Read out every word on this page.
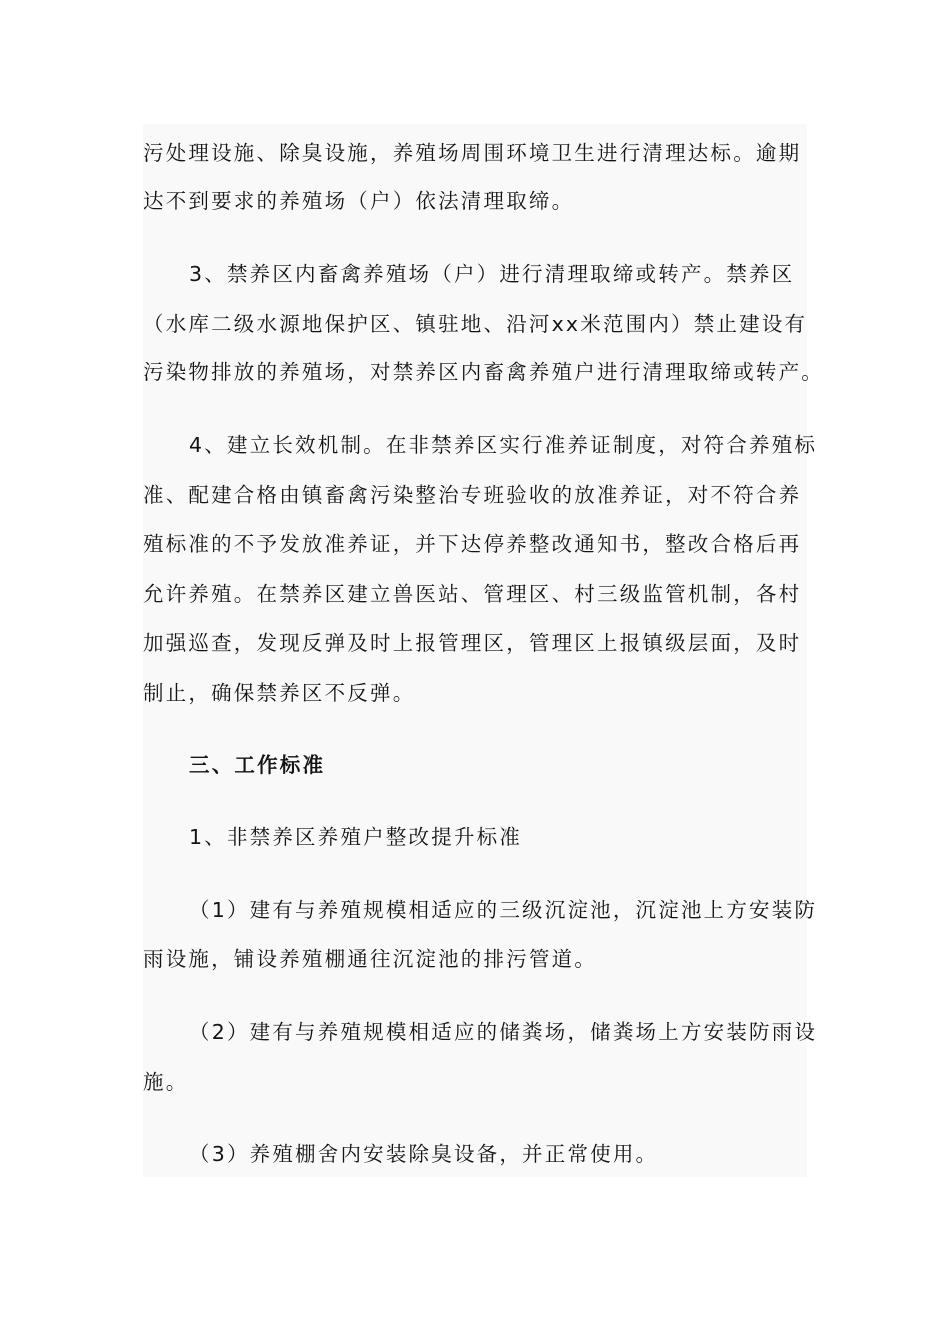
污处理设施、除臭设施，养殖场周围环境卫生进行清理达标。逾期
达不到要求的养殖场（户）依法清理取缔。
3、禁养区内畜禽养殖场（户）进行清理取缔或转产。禁养区
（水库二级水源地保护区、镇驻地、沿河xx米范围内）禁止建设有
污染物排放的养殖场，对禁养区内畜禽养殖户进行清理取缔或转产。
4、建立长效机制。在非禁养区实行准养证制度，对符合养殖标
准、配建合格由镇畜禽污染整治专班验收的放准养证，对不符合养
殖标准的不予发放准养证，并下达停养整改通知书，整改合格后再
允许养殖。在禁养区建立兽医站、管理区、村三级监管机制，各村
加强巡查，发现反弹及时上报管理区，管理区上报镇级层面，及时
制止，确保禁养区不反弹。
三、工作标准
1、非禁养区养殖户整改提升标准
（1）建有与养殖规模相适应的三级沉淀池，沉淀池上方安装防
雨设施，铺设养殖棚通往沉淀池的排污管道。
（2）建有与养殖规模相适应的储粪场，储粪场上方安装防雨设
施。
（3）养殖棚舍内安装除臭设备，并正常使用。
